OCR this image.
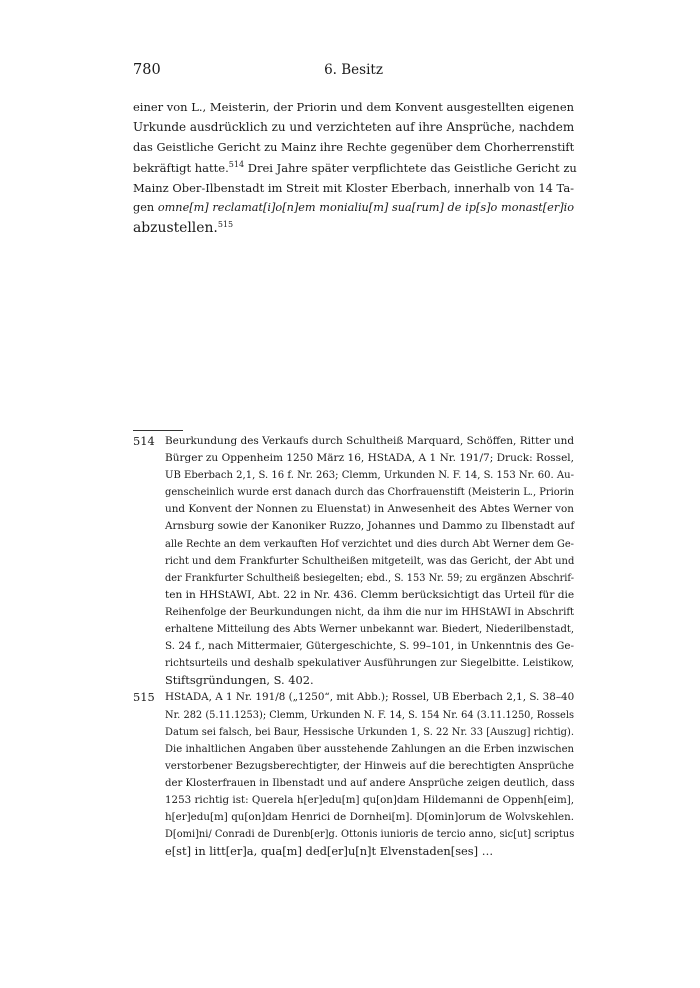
780	6. Besitz
einer von L., Meisterin, der Priorin und dem Konvent ausgestellten eigenen
Urkunde ausdrücklich zu und verzichteten auf ihre Ansprüche, nachdem
das Geistliche Gericht zu Mainz ihre Rechte gegenüber dem Chorherrenstift
bekräftigt hatte.$^{514}$ Drei Jahre später verpflichtete das Geistliche Gericht zu
Mainz Ober-Ilbenstadt im Streit mit Kloster Eberbach, innerhalb von 14 Ta-
gen omne[m] reclamat[i]o[n]em monialiu[m] sua[rum] de ip[s]o monast[er]io
abzustellen.$^{515}$
514 Beurkundung des Verkaufs durch Schultheiß Marquard, Schöffen, Ritter und
Bürger zu Oppenheim 1250 März 16, HStADA, A 1 Nr. 191/7; Druck: Rossel,
UB Eberbach 2,1, S. 16 f. Nr. 263; Clemm, Urkunden N. F. 14, S. 153 Nr. 60. Au-
genscheinlich wurde erst danach durch das Chorfrauenstift (Meisterin L., Priorin
und Konvent der Nonnen zu Eluenstat) in Anwesenheit des Abtes Werner von
Arnsburg sowie der Kanoniker Ruzzo, Johannes und Dammo zu Ilbenstadt auf
alle Rechte an dem verkauften Hof verzichtet und dies durch Abt Werner dem Ge-
richt und dem Frankfurter Schultheißen mitgeteilt, was das Gericht, der Abt und
der Frankfurter Schultheiß besiegelten; ebd., S. 153 Nr. 59; zu ergänzen Abschrif-
ten in HHStAWI, Abt. 22 in Nr. 436. Clemm berücksichtigt das Urteil für die
Reihenfolge der Beurkundungen nicht, da ihm die nur im HHStAWI in Abschrift
erhaltene Mitteilung des Abts Werner unbekannt war. Biedert, Niederilbenstadt,
S. 24 f., nach Mittermaier, Gütergeschichte, S. 99–101, in Unkenntnis des Ge-
richtsurteils und deshalb spekulativer Ausführungen zur Siegelbitte. Leistikow,
Stiftsgründungen, S. 402.
515 HStADA, A 1 Nr. 191/8 („1250“, mit Abb.); Rossel, UB Eberbach 2,1, S. 38–40
Nr. 282 (5.11.1253); Clemm, Urkunden N. F. 14, S. 154 Nr. 64 (3.11.1250, Rossels
Datum sei falsch, bei Baur, Hessische Urkunden 1, S. 22 Nr. 33 [Auszug] richtig).
Die inhaltlichen Angaben über ausstehende Zahlungen an die Erben inzwischen
verstorbener Bezugsberechtigter, der Hinweis auf die berechtigten Ansprüche
der Klosterfrauen in Ilbenstadt und auf andere Ansprüche zeigen deutlich, dass
1253 richtig ist: Querela h[er]edu[m] qu[on]dam Hildemanni de Oppenh[eim],
h[er]edu[m] qu[on]dam Henrici de Dornhei[m]. D[omin]orum de Wolvskehlen.
D[omi]ni/ Conradi de Durenb[er]g. Ottonis iunioris de tercio anno, sic[ut] scriptus
e[st] in litt[er]a, qua[m] ded[er]u[n]t Elvenstaden[ses] …
